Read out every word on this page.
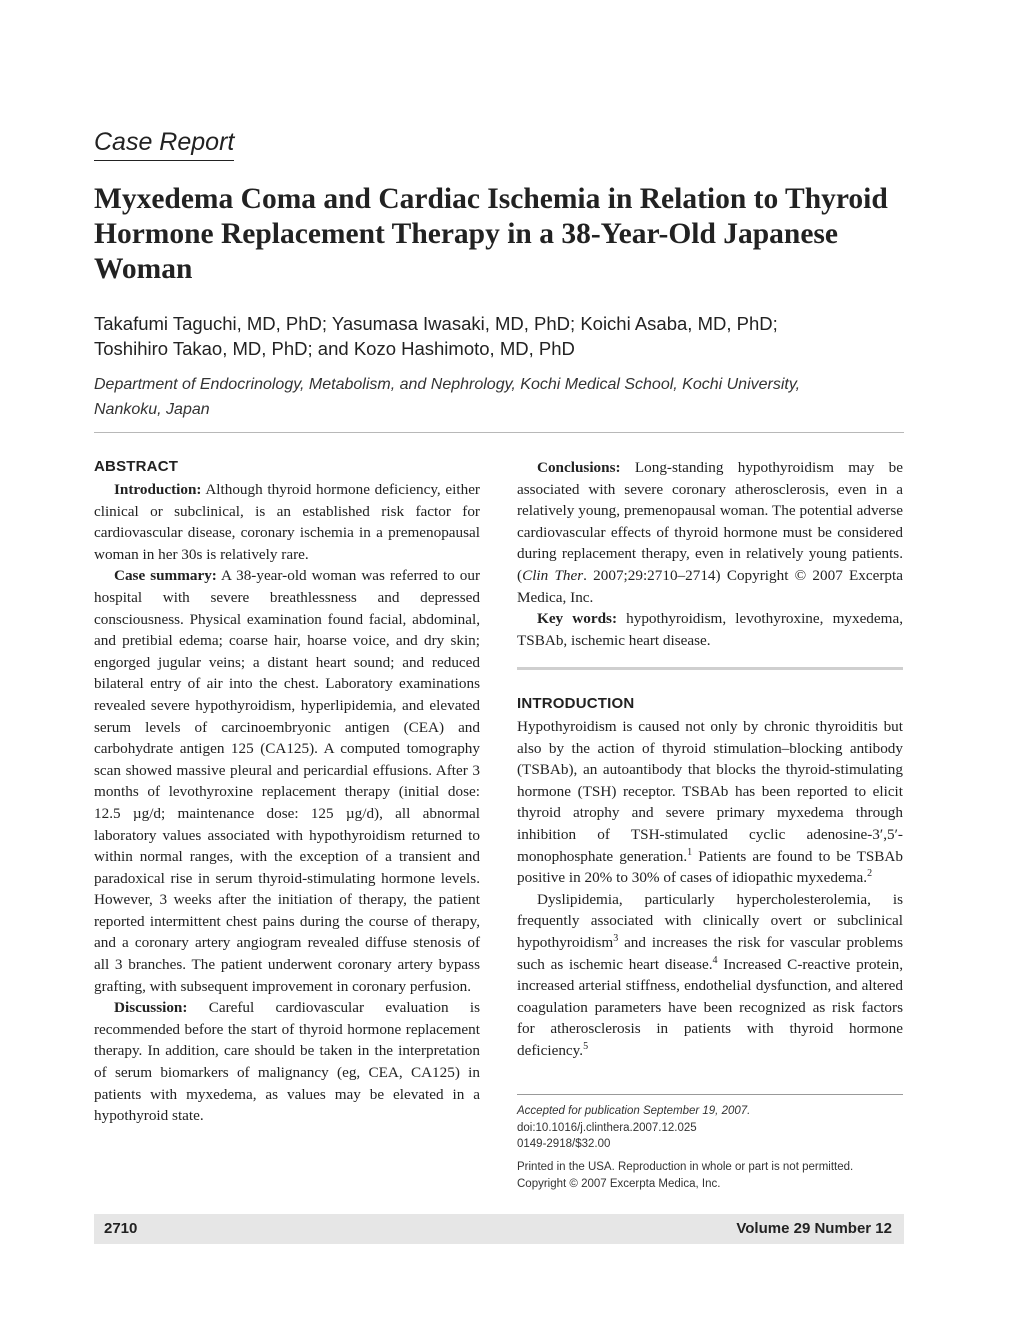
Case Report
Myxedema Coma and Cardiac Ischemia in Relation to Thyroid Hormone Replacement Therapy in a 38-Year-Old Japanese Woman
Takafumi Taguchi, MD, PhD; Yasumasa Iwasaki, MD, PhD; Koichi Asaba, MD, PhD;
Toshihiro Takao, MD, PhD; and Kozo Hashimoto, MD, PhD
Department of Endocrinology, Metabolism, and Nephrology, Kochi Medical School, Kochi University,
Nankoku, Japan
ABSTRACT

Introduction: Although thyroid hormone deficiency, either clinical or subclinical, is an established risk factor for cardiovascular disease, coronary ischemia in a premenopausal woman in her 30s is relatively rare.

Case summary: A 38-year-old woman was referred to our hospital with severe breathlessness and depressed consciousness. Physical examination found facial, abdominal, and pretibial edema; coarse hair, hoarse voice, and dry skin; engorged jugular veins; a distant heart sound; and reduced bilateral entry of air into the chest. Laboratory examinations revealed severe hypothyroidism, hyperlipidemia, and elevated serum levels of carcinoembryonic antigen (CEA) and carbohydrate antigen 125 (CA125). A computed tomography scan showed massive pleural and pericardial effusions. After 3 months of levothyroxine replacement therapy (initial dose: 12.5 µg/d; maintenance dose: 125 µg/d), all abnormal laboratory values associated with hypothyroidism returned to within normal ranges, with the exception of a transient and paradoxical rise in serum thyroid-stimulating hormone levels. However, 3 weeks after the initiation of therapy, the patient reported intermittent chest pains during the course of therapy, and a coronary artery angiogram revealed diffuse stenosis of all 3 branches. The patient underwent coronary artery bypass grafting, with subsequent improvement in coronary perfusion.

Discussion: Careful cardiovascular evaluation is recommended before the start of thyroid hormone replacement therapy. In addition, care should be taken in the interpretation of serum biomarkers of malignancy (eg, CEA, CA125) in patients with myxedema, as values may be elevated in a hypothyroid state.

Conclusions: Long-standing hypothyroidism may be associated with severe coronary atherosclerosis, even in a relatively young, premenopausal woman. The potential adverse cardiovascular effects of thyroid hormone must be considered during replacement therapy, even in relatively young patients. (Clin Ther. 2007;29:2710–2714) Copyright © 2007 Excerpta Medica, Inc.

Key words: hypothyroidism, levothyroxine, myxedema, TSBAb, ischemic heart disease.

INTRODUCTION

Hypothyroidism is caused not only by chronic thyroiditis but also by the action of thyroid stimulation–blocking antibody (TSBAb), an autoantibody that blocks the thyroid-stimulating hormone (TSH) receptor. TSBAb has been reported to elicit thyroid atrophy and severe primary myxedema through inhibition of TSH-stimulated cyclic adenosine-3′,5′-monophosphate generation.$^1$ Patients are found to be TSBAb positive in 20% to 30% of cases of idiopathic myxedema.$^2$

Dyslipidemia, particularly hypercholesterolemia, is frequently associated with clinically overt or subclinical hypothyroidism$^3$ and increases the risk for vascular problems such as ischemic heart disease.$^4$ Increased C-reactive protein, increased arterial stiffness, endothelial dysfunction, and altered coagulation parameters have been recognized as risk factors for atherosclerosis in patients with thyroid hormone deficiency.$^5$

Accepted for publication September 19, 2007.
doi:10.1016/j.clinthera.2007.12.025
0149-2918/$32.00
Printed in the USA. Reproduction in whole or part is not permitted.
Copyright © 2007 Excerpta Medica, Inc.
2710	Volume 29 Number 12
